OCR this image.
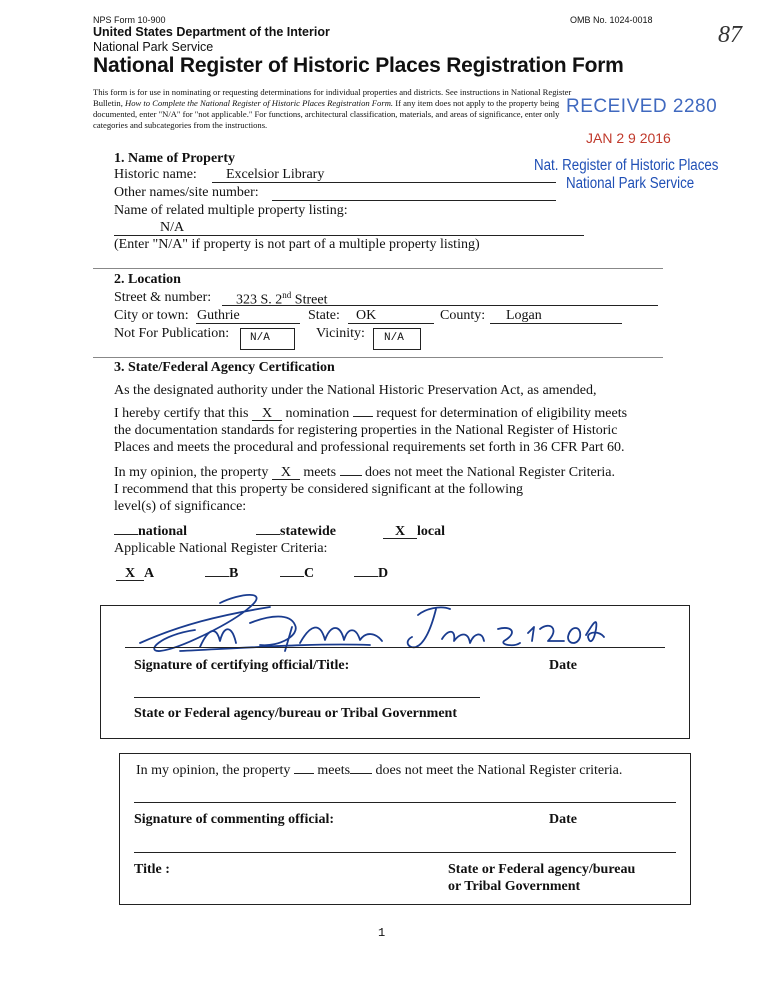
NPS Form 10-900	OMB No. 1024-0018
87
United States Department of the Interior
National Park Service
National Register of Historic Places Registration Form
This form is for use in nominating or requesting determinations for individual properties and districts. See instructions in National Register
Bulletin, How to Complete the National Register of Historic Places Registration Form. If any item does not apply to the property being
documented, enter "N/A" for "not applicable." For functions, architectural classification, materials, and areas of significance, enter only
categories and subcategories from the instructions.
RECEIVED 2280
JAN 2 9 2016
Nat. Register of Historic Places
National Park Service
1. Name of Property
Historic name: Excelsior Library
Other names/site number:
Name of related multiple property listing:
N/A
(Enter "N/A" if property is not part of a multiple property listing)
2. Location
Street & number: 323 S. 2nd Street
City or town: Guthrie	State: OK	County: Logan
Not For Publication: N/A	Vicinity: N/A
3. State/Federal Agency Certification
As the designated authority under the National Historic Preservation Act, as amended,
I hereby certify that this X nomination  request for determination of eligibility meets
the documentation standards for registering properties in the National Register of Historic
Places and meets the procedural and professional requirements set forth in 36 CFR Part 60.
In my opinion, the property X meets  does not meet the National Register Criteria.
I recommend that this property be considered significant at the following
level(s) of significance:
national	statewide	X local
Applicable National Register Criteria:
X A	B	C	D
Signature of certifying official/Title:	Date
State or Federal agency/bureau or Tribal Government
In my opinion, the property  meets does not meet the National Register criteria.
Signature of commenting official:	Date
Title :	State or Federal agency/bureau
or Tribal Government
1
